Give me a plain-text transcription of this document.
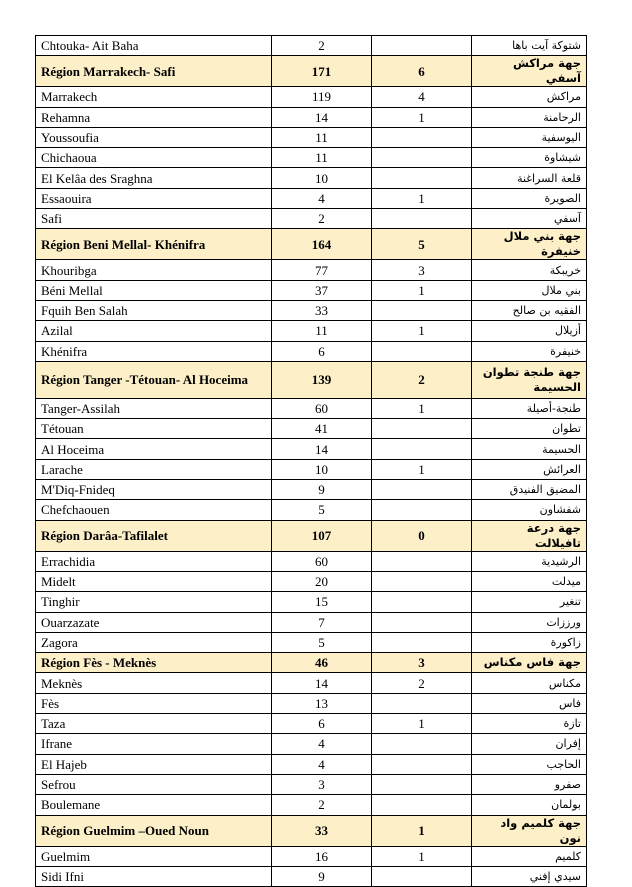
Chtouka- Ait Baha	2		شتوكة آيت باها
Région Marrakech- Safi	171	6	جهة مراكش آسفي
Marrakech	119	4	مراكش
Rehamna	14	1	الرحامنة
Youssoufia	11		اليوسفية
Chichaoua	11		شيشاوة
El Kelâa des Sraghna	10		قلعة السراغنة
Essaouira	4	1	الصويرة
Safi	2		آسفي
Région Beni Mellal- Khénifra	164	5	جهة بني ملال خنيفرة
Khouribga	77	3	خريبكة
Béni Mellal	37	1	بني ملال
Fquih Ben Salah	33		الفقيه بن صالح
Azilal	11	1	أزيلال
Khénifra	6		خنيفرة
Région Tanger -Tétouan- Al Hoceima	139	2	جهة طنجة تطوان الحسيمة
Tanger-Assilah	60	1	طنجة-أصيلة
Tétouan	41		تطوان
Al Hoceima	14		الحسيمة
Larache	10	1	العرائش
M'Diq-Fnideq	9		المضيق الفنيدق
Chefchaouen	5		شفشاون
Région Darâa-Tafilalet	107	0	جهة درعة تافيلالت
Errachidia	60		الرشيدية
Midelt	20		ميدلت
Tinghir	15		تنغير
Ouarzazate	7		ورززات
Zagora	5		زاكورة
Région Fès - Meknès	46	3	جهة فاس مكناس
Meknès	14	2	مكناس
Fès	13		فاس
Taza	6	1	تازة
Ifrane	4		إفران
El Hajeb	4		الحاجب
Sefrou	3		صفرو
Boulemane	2		بولمان
Région Guelmim –Oued Noun	33	1	جهة كلميم واد نون
Guelmim	16	1	كلميم
Sidi Ifni	9		سيدي إفني
